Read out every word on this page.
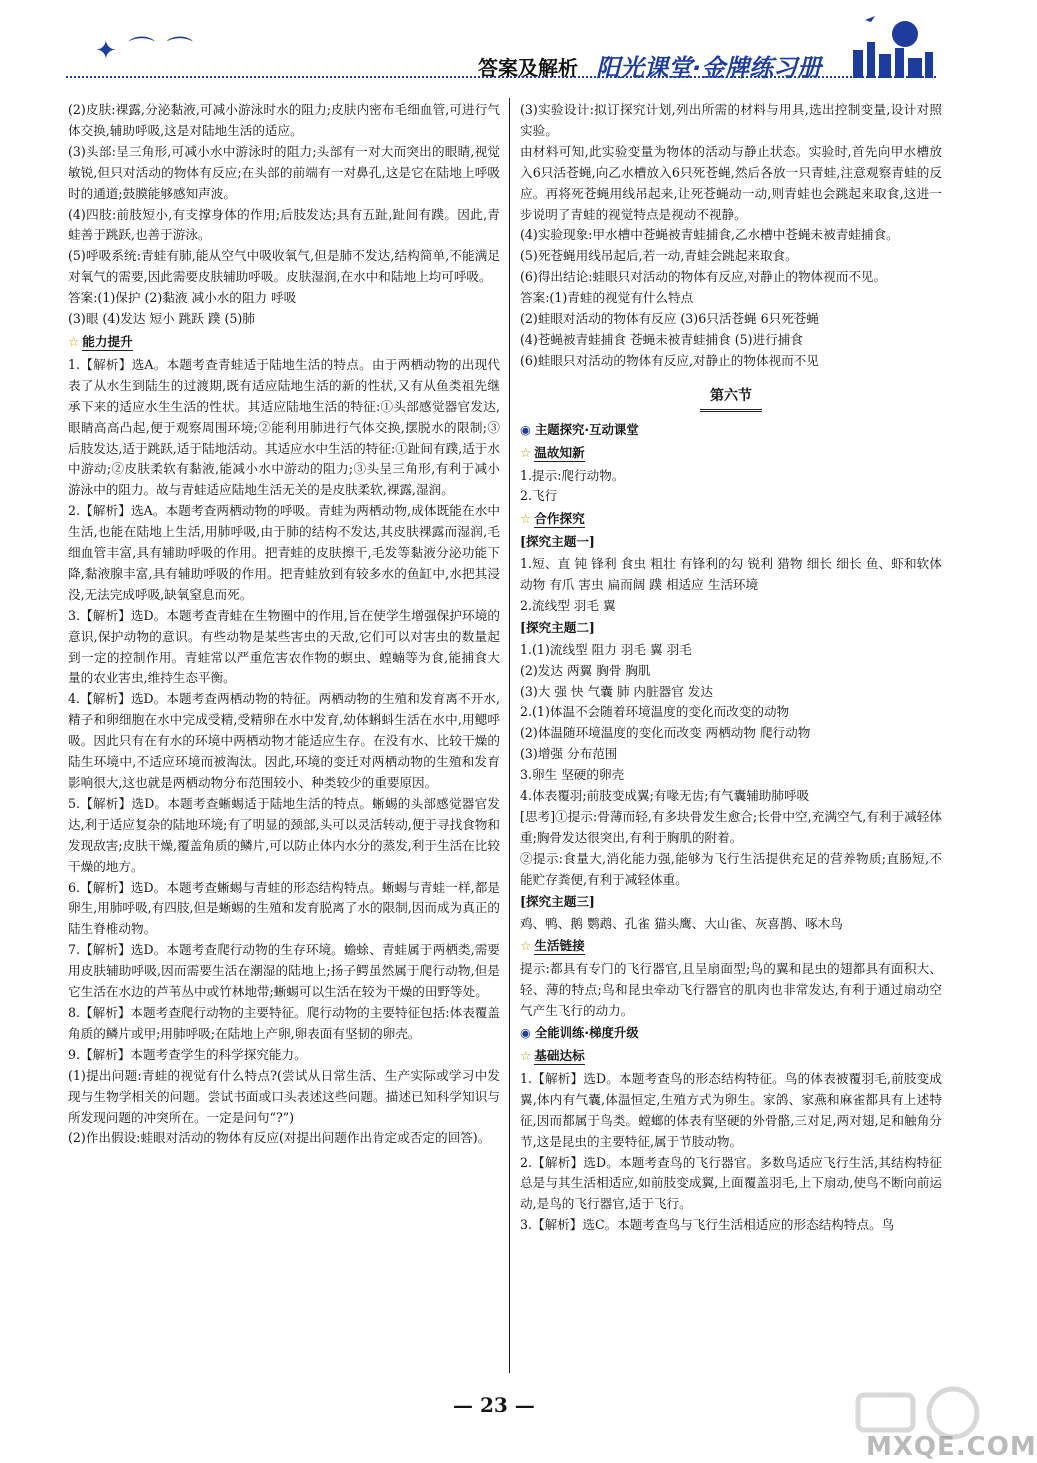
✦⌒⌒
答案及解析 阳光课堂·金牌练习册

(2)皮肤:裸露,分泌黏液,可减小游泳时水的阻力;皮肤内密布毛细血管,可进行气体交换,辅助呼吸,这是对陆地生活的适应。

(3)头部:呈三角形,可减小水中游泳时的阻力;头部有一对大而突出的眼睛,视觉敏锐,但只对活动的物体有反应;在头部的前端有一对鼻孔,这是它在陆地上呼吸时的通道;鼓膜能够感知声波。

(4)四肢:前肢短小,有支撑身体的作用;后肢发达;具有五趾,趾间有蹼。因此,青蛙善于跳跃,也善于游泳。

(5)呼吸系统:青蛙有肺,能从空气中吸收氧气,但是肺不发达,结构简单,不能满足对氧气的需要,因此需要皮肤辅助呼吸。皮肤湿润,在水中和陆地上均可呼吸。

答案:(1)保护 (2)黏液 减小水的阻力 呼吸

(3)眼 (4)发达 短小 跳跃 蹼 (5)肺

☆ 能力提升

1.【解析】选A。本题考查青蛙适于陆地生活的特点。由于两栖动物的出现代表了从水生到陆生的过渡期,既有适应陆地生活的新的性状,又有从鱼类祖先继承下来的适应水生生活的性状。其适应陆地生活的特征:①头部感觉器官发达,眼睛高高凸起,便于观察周围环境;②能利用肺进行气体交换,摆脱水的限制;③后肢发达,适于跳跃,适于陆地活动。其适应水中生活的特征:①趾间有蹼,适于水中游动;②皮肤柔软有黏液,能减小水中游动的阻力;③头呈三角形,有利于减小游泳中的阻力。故与青蛙适应陆地生活无关的是皮肤柔软,裸露,湿润。

2.【解析】选A。本题考查两栖动物的呼吸。青蛙为两栖动物,成体既能在水中生活,也能在陆地上生活,用肺呼吸,由于肺的结构不发达,其皮肤裸露而湿润,毛细血管丰富,具有辅助呼吸的作用。把青蛙的皮肤擦干,毛发等黏液分泌功能下降,黏液腺丰富,具有辅助呼吸的作用。把青蛙放到有较多水的鱼缸中,水把其浸没,无法完成呼吸,缺氧窒息而死。

3.【解析】选D。本题考查青蛙在生物圈中的作用,旨在使学生增强保护环境的意识,保护动物的意识。有些动物是某些害虫的天敌,它们可以对害虫的数量起到一定的控制作用。青蛙常以严重危害农作物的螟虫、蝗蝻等为食,能捕食大量的农业害虫,维持生态平衡。

4.【解析】选D。本题考查两栖动物的特征。两栖动物的生殖和发育离不开水,精子和卵细胞在水中完成受精,受精卵在水中发育,幼体蝌蚪生活在水中,用鳃呼吸。因此只有在有水的环境中两栖动物才能适应生存。在没有水、比较干燥的陆生环境中,不适应环境而被淘汰。因此,环境的变迁对两栖动物的生殖和发育影响很大,这也就是两栖动物分布范围较小、种类较少的重要原因。

5.【解析】选D。本题考查蜥蜴适于陆地生活的特点。蜥蜴的头部感觉器官发达,利于适应复杂的陆地环境;有了明显的颈部,头可以灵活转动,便于寻找食物和发现敌害;皮肤干燥,覆盖角质的鳞片,可以防止体内水分的蒸发,利于生活在比较干燥的地方。

6.【解析】选D。本题考查蜥蜴与青蛙的形态结构特点。蜥蜴与青蛙一样,都是卵生,用肺呼吸,有四肢,但是蜥蜴的生殖和发育脱离了水的限制,因而成为真正的陆生脊椎动物。

7.【解析】选D。本题考查爬行动物的生存环境。蟾蜍、青蛙属于两栖类,需要用皮肤辅助呼吸,因而需要生活在潮湿的陆地上;扬子鳄虽然属于爬行动物,但是它生活在水边的芦苇丛中或竹林地带;蜥蜴可以生活在较为干燥的田野等处。

8.【解析】本题考查爬行动物的主要特征。爬行动物的主要特征包括:体表覆盖角质的鳞片或甲;用肺呼吸;在陆地上产卵,卵表面有坚韧的卵壳。

9.【解析】本题考查学生的科学探究能力。

(1)提出问题:青蛙的视觉有什么特点?(尝试从日常生活、生产实际或学习中发现与生物学相关的问题。尝试书面或口头表述这些问题。描述已知科学知识与所发现问题的冲突所在。一定是问句“?”)

(2)作出假设:蛙眼对活动的物体有反应(对提出问题作出肯定或否定的回答)。

(3)实验设计:拟订探究计划,列出所需的材料与用具,选出控制变量,设计对照实验。

由材料可知,此实验变量为物体的活动与静止状态。实验时,首先向甲水槽放入6只活苍蝇,向乙水槽放入6只死苍蝇,然后各放一只青蛙,注意观察青蛙的反应。再将死苍蝇用线吊起来,让死苍蝇动一动,则青蛙也会跳起来取食,这进一步说明了青蛙的视觉特点是视动不视静。

(4)实验现象:甲水槽中苍蝇被青蛙捕食,乙水槽中苍蝇未被青蛙捕食。

(5)死苍蝇用线吊起后,若一动,青蛙会跳起来取食。

(6)得出结论:蛙眼只对活动的物体有反应,对静止的物体视而不见。

答案:(1)青蛙的视觉有什么特点

(2)蛙眼对活动的物体有反应 (3)6只活苍蝇 6只死苍蝇

(4)苍蝇被青蛙捕食 苍蝇未被青蛙捕食 (5)进行捕食

(6)蛙眼只对活动的物体有反应,对静止的物体视而不见

第六节
◉ 主题探究·互动课堂
☆ 温故知新

1.提示:爬行动物。

2.飞行

☆ 合作探究
[探究主题一]

1.短、直 钝 锋利 食虫 粗壮 有锋利的勾 锐利 猎物 细长 细长 鱼、虾和软体动物 有爪 害虫 扁而阔 蹼 相适应 生活环境

2.流线型 羽毛 翼

[探究主题二]

1.(1)流线型 阻力 羽毛 翼 羽毛

(2)发达 两翼 胸骨 胸肌

(3)大 强 快 气囊 肺 内脏器官 发达

2.(1)体温不会随着环境温度的变化而改变的动物

(2)体温随环境温度的变化而改变 两栖动物 爬行动物

(3)增强 分布范围

3.卵生 坚硬的卵壳

4.体表覆羽;前肢变成翼;有喙无齿;有气囊辅助肺呼吸

[思考]①提示:骨薄而轻,有多块骨发生愈合;长骨中空,充满空气,有利于减轻体重;胸骨发达很突出,有利于胸肌的附着。

②提示:食量大,消化能力强,能够为飞行生活提供充足的营养物质;直肠短,不能贮存粪便,有利于减轻体重。

[探究主题三]

鸡、鸭、鹅 鹦鹉、孔雀 猫头鹰、大山雀、灰喜鹊、啄木鸟

☆ 生活链接

提示:都具有专门的飞行器官,且呈扇面型;鸟的翼和昆虫的翅都具有面积大、轻、薄的特点;鸟和昆虫牵动飞行器官的肌肉也非常发达,有利于通过扇动空气产生飞行的动力。

◉ 全能训练·梯度升级
☆ 基础达标

1.【解析】选D。本题考查鸟的形态结构特征。鸟的体表被覆羽毛,前肢变成翼,体内有气囊,体温恒定,生殖方式为卵生。家鸽、家燕和麻雀都具有上述特征,因而都属于鸟类。螳螂的体表有坚硬的外骨骼,三对足,两对翅,足和触角分节,这是昆虫的主要特征,属于节肢动物。

2.【解析】选D。本题考查鸟的飞行器官。多数鸟适应飞行生活,其结构特征总是与其生活相适应,如前肢变成翼,上面覆盖羽毛,上下扇动,使鸟不断向前运动,是鸟的飞行器官,适于飞行。

3.【解析】选C。本题考查鸟与飞行生活相适应的形态结构特点。鸟

— 23 —
MXQE.COM
